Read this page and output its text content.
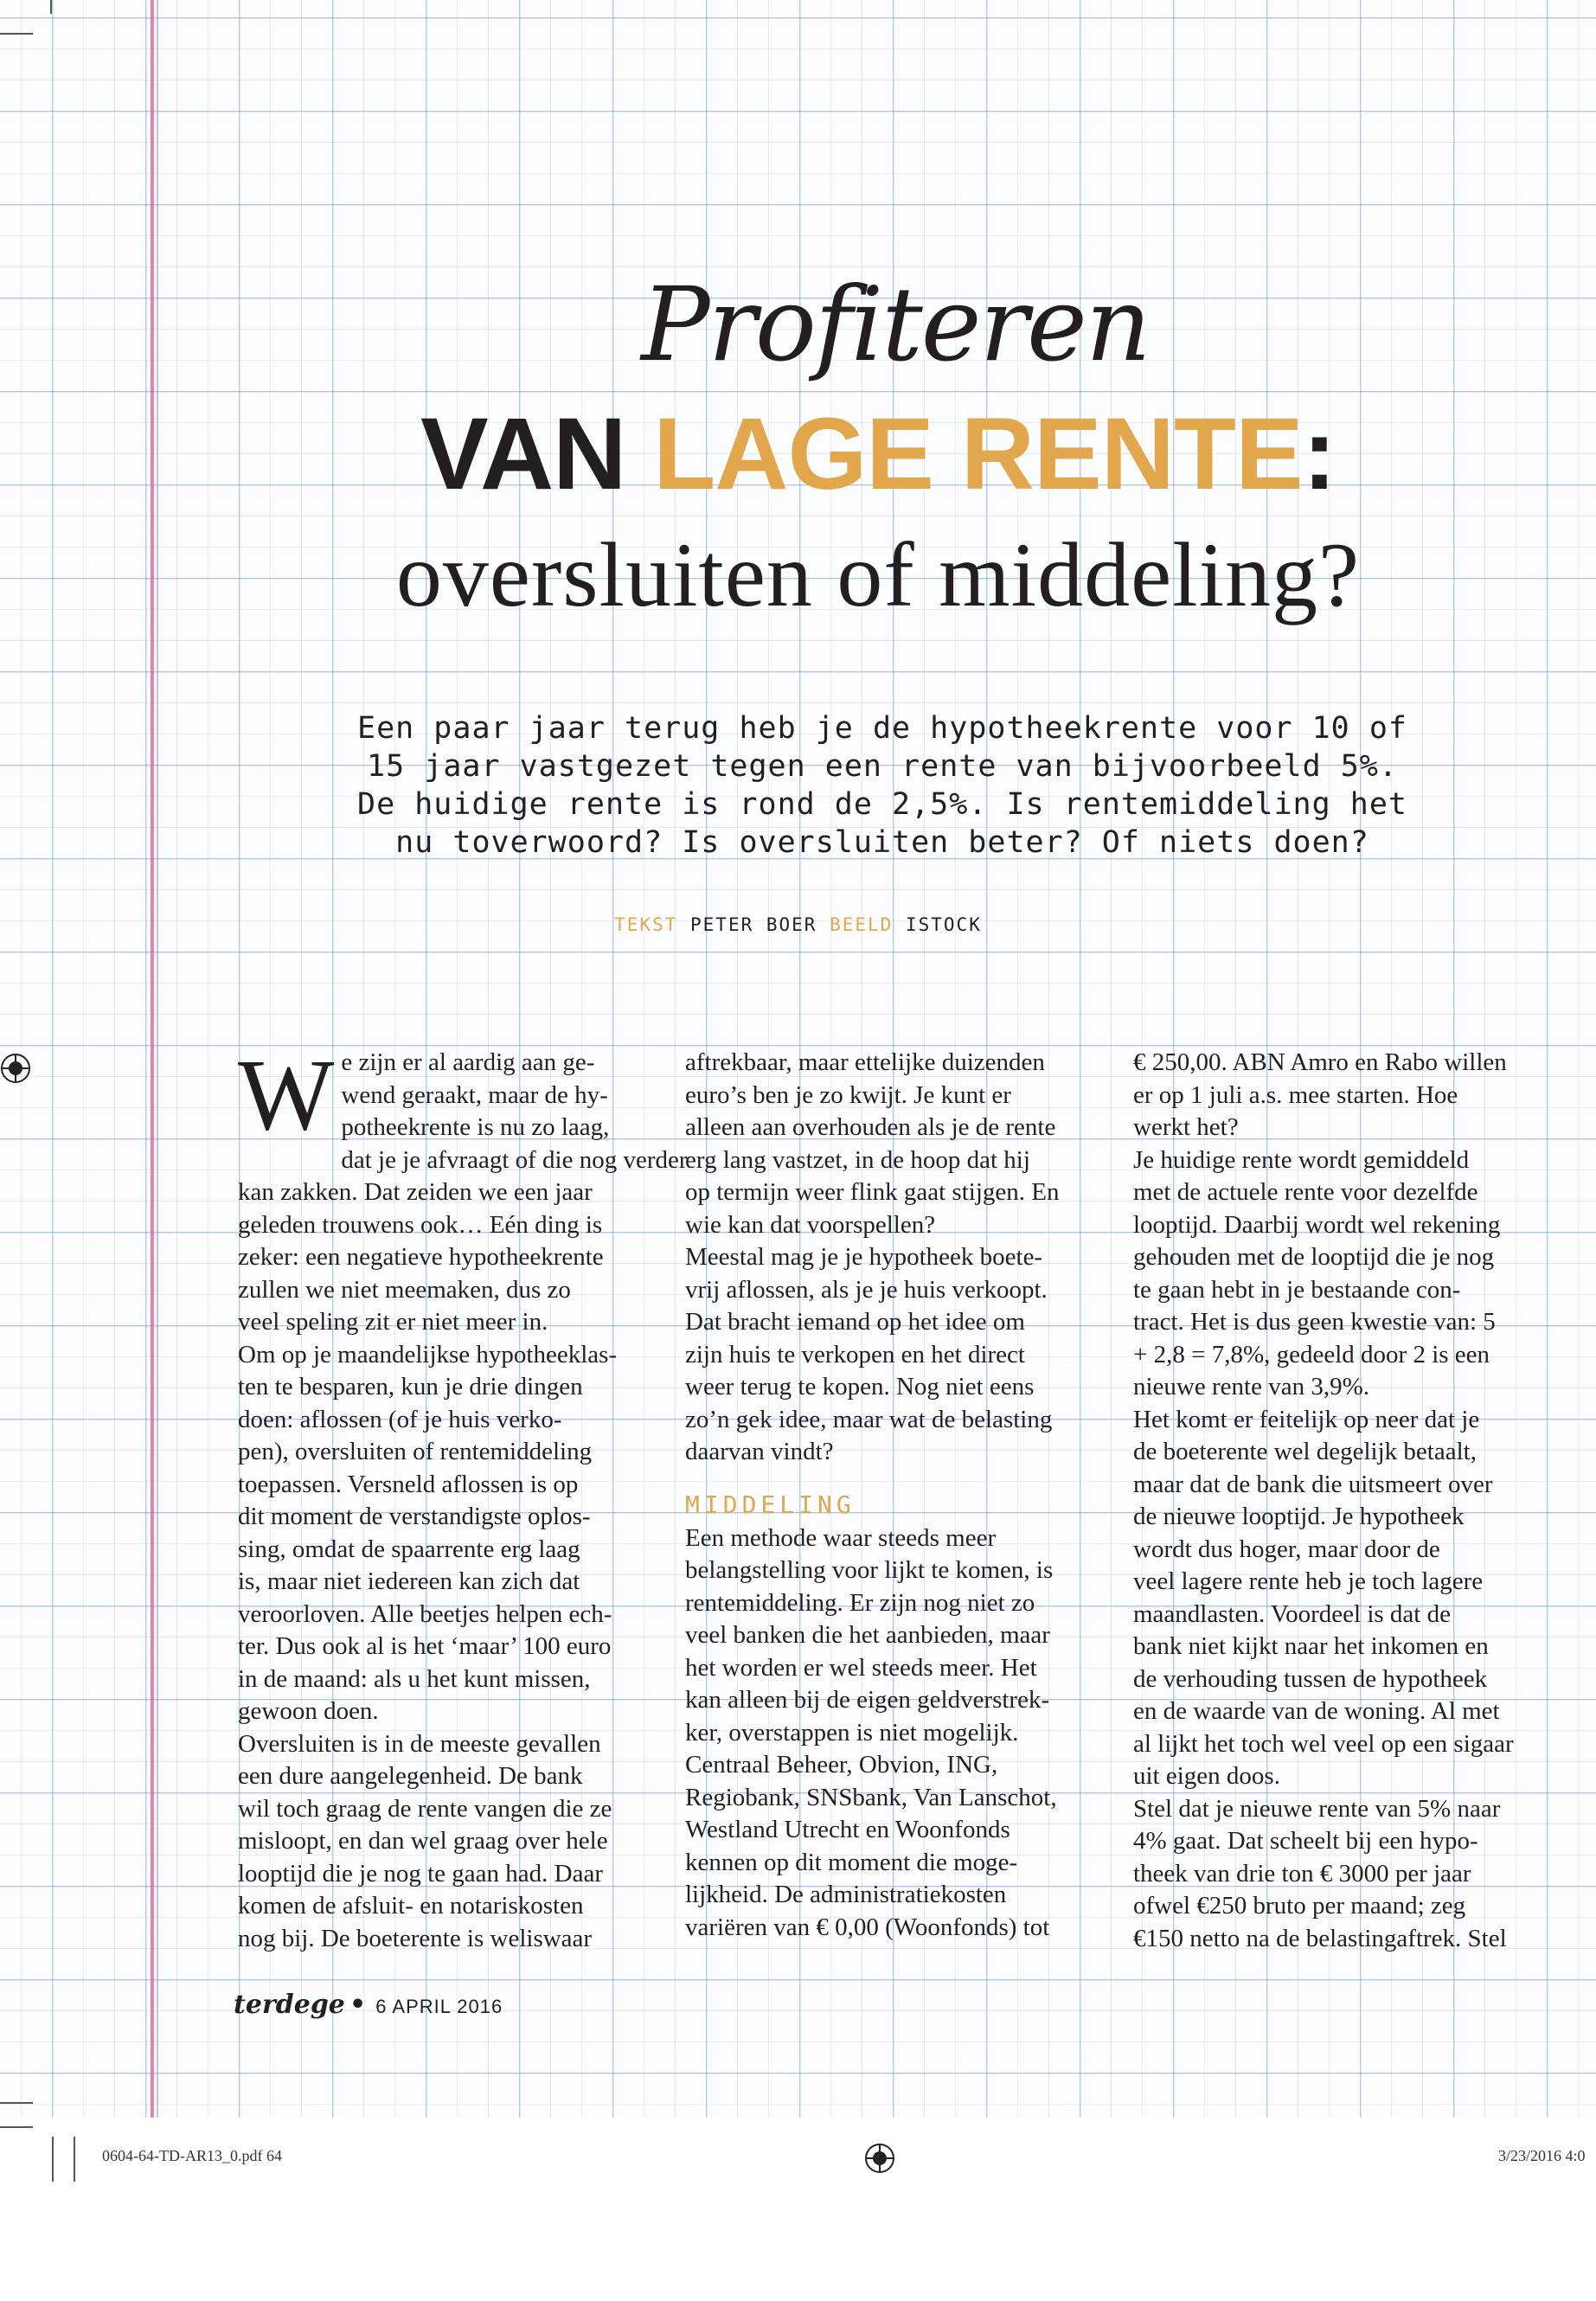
Profiteren
VAN LAGE RENTE:
oversluiten of middeling?
Een paar jaar terug heb je de hypotheekrente voor 10 of
15 jaar vastgezet tegen een rente van bijvoorbeeld 5%.
De huidige rente is rond de 2,5%. Is rentemiddeling het
nu toverwoord? Is oversluiten beter? Of niets doen?
TEKST PETER BOER BEELD ISTOCK
W e zijn er al aardig aan ge-
wend geraakt, maar de hy-
potheekrente is nu zo laag,
dat je je afvraagt of die nog verder
kan zakken. Dat zeiden we een jaar
geleden trouwens ook… Eén ding is
zeker: een negatieve hypotheekrente
zullen we niet meemaken, dus zo
veel speling zit er niet meer in.
Om op je maandelijkse hypotheeklas-
ten te besparen, kun je drie dingen
doen: aflossen (of je huis verko-
pen), oversluiten of rentemiddeling
toepassen. Versneld aflossen is op
dit moment de verstandigste oplos-
sing, omdat de spaarrente erg laag
is, maar niet iedereen kan zich dat
veroorloven. Alle beetjes helpen ech-
ter. Dus ook al is het ‘maar’ 100 euro
in de maand: als u het kunt missen,
gewoon doen.
Oversluiten is in de meeste gevallen
een dure aangelegenheid. De bank
wil toch graag de rente vangen die ze
misloopt, en dan wel graag over hele
looptijd die je nog te gaan had. Daar
komen de afsluit- en notariskosten
nog bij. De boeterente is weliswaar
aftrekbaar, maar ettelijke duizenden
euro’s ben je zo kwijt. Je kunt er
alleen aan overhouden als je de rente
erg lang vastzet, in de hoop dat hij
op termijn weer flink gaat stijgen. En
wie kan dat voorspellen?
Meestal mag je je hypotheek boete-
vrij aflossen, als je je huis verkoopt.
Dat bracht iemand op het idee om
zijn huis te verkopen en het direct
weer terug te kopen. Nog niet eens
zo’n gek idee, maar wat de belasting
daarvan vindt?
MIDDELING
Een methode waar steeds meer
belangstelling voor lijkt te komen, is
rentemiddeling. Er zijn nog niet zo
veel banken die het aanbieden, maar
het worden er wel steeds meer. Het
kan alleen bij de eigen geldverstrek-
ker, overstappen is niet mogelijk.
Centraal Beheer, Obvion, ING,
Regiobank, SNSbank, Van Lanschot,
Westland Utrecht en Woonfonds
kennen op dit moment die moge-
lijkheid. De administratiekosten
variëren van € 0,00 (Woonfonds) tot
€ 250,00. ABN Amro en Rabo willen
er op 1 juli a.s. mee starten. Hoe
werkt het?
Je huidige rente wordt gemiddeld
met de actuele rente voor dezelfde
looptijd. Daarbij wordt wel rekening
gehouden met de looptijd die je nog
te gaan hebt in je bestaande con-
tract. Het is dus geen kwestie van: 5
+ 2,8 = 7,8%, gedeeld door 2 is een
nieuwe rente van 3,9%.
Het komt er feitelijk op neer dat je
de boeterente wel degelijk betaalt,
maar dat de bank die uitsmeert over
de nieuwe looptijd. Je hypotheek
wordt dus hoger, maar door de
veel lagere rente heb je toch lagere
maandlasten. Voordeel is dat de
bank niet kijkt naar het inkomen en
de verhouding tussen de hypotheek
en de waarde van de woning. Al met
al lijkt het toch wel veel op een sigaar
uit eigen doos.
Stel dat je nieuwe rente van 5% naar
4% gaat. Dat scheelt bij een hypo-
theek van drie ton € 3000 per jaar
ofwel €250 bruto per maand; zeg
€150 netto na de belastingaftrek. Stel
terdege • 6 APRIL 2016
0604-64-TD-AR13_0.pdf 64	3/23/2016 4:0
